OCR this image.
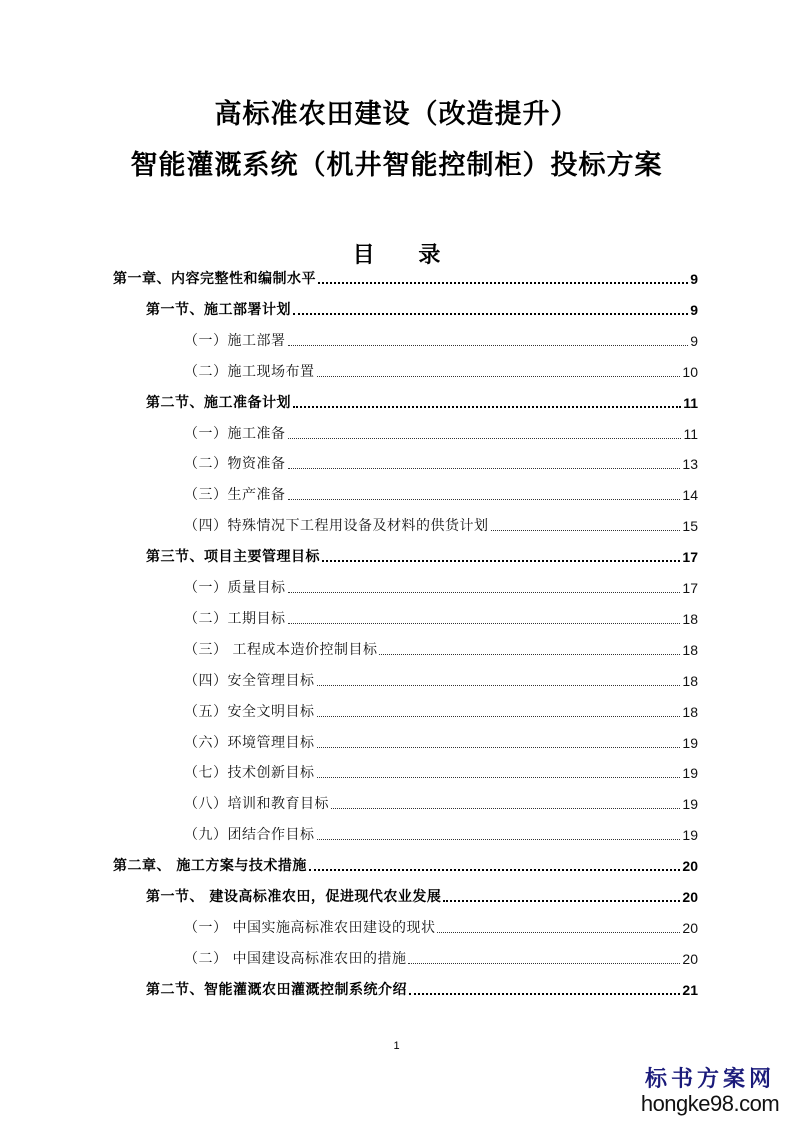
高标准农田建设（改造提升）
智能灌溉系统（机井智能控制柜）投标方案
目 录
第一章、内容完整性和编制水平	9
第一节、施工部署计划	9
（一）施工部署	9
（二）施工现场布置	10
第二节、施工准备计划	11
（一）施工准备	11
（二）物资准备	13
（三）生产准备	14
（四）特殊情况下工程用设备及材料的供货计划	15
第三节、项目主要管理目标	17
（一）质量目标	17
（二）工期目标	18
（三） 工程成本造价控制目标	18
（四）安全管理目标	18
（五）安全文明目标	18
（六）环境管理目标	19
（七）技术创新目标	19
（八）培训和教育目标	19
（九）团结合作目标	19
第二章、 施工方案与技术措施	20
第一节、 建设高标准农田，促进现代农业发展	20
（一） 中国实施高标准农田建设的现状	20
（二） 中国建设高标准农田的措施	20
第二节、智能灌溉农田灌溉控制系统介绍	21
1
标书方案网
hongke98.com
